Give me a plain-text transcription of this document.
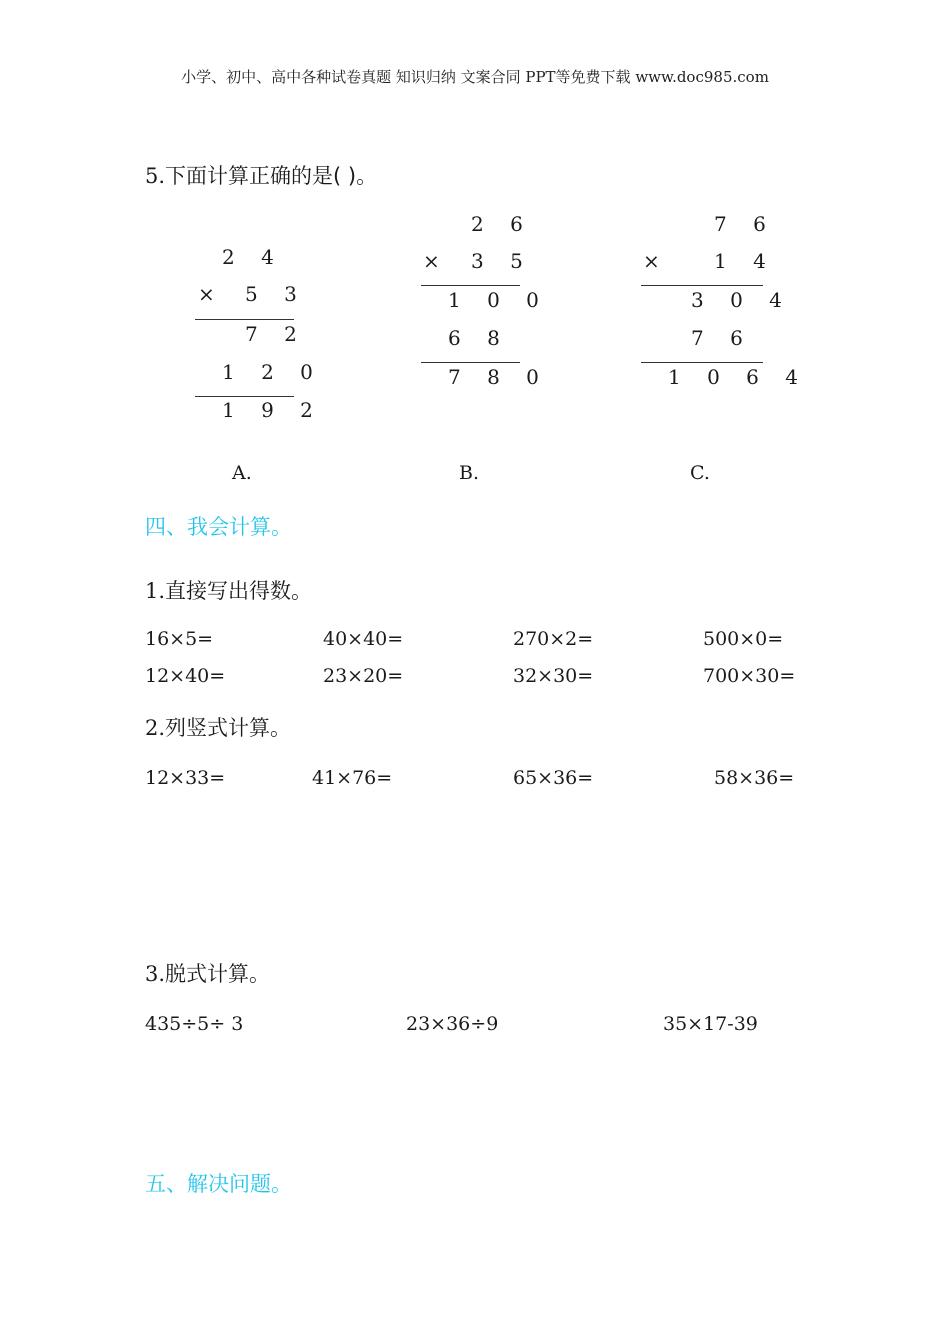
小学、初中、高中各种试卷真题 知识归纳 文案合同 PPT等免费下载 www.doc985.com
5.下面计算正确的是( )。
2 4
× 5 3
7 2
1 2 0
1 9 2
2 6
× 3 5
1 0 0
6 8
7 8 0
7 6
× 1 4
3 0 4
7 6
1 0 6 4
A.	B.	C.
四、我会计算。
1.直接写出得数。
16×5=	40×40=	270×2=	500×0=
12×40=	23×20=	32×30=	700×30=
2.列竖式计算。
12×33=	41×76=	65×36=	58×36=
3.脱式计算。
435÷5÷ 3	23×36÷9	35×17-39
五、解决问题。
